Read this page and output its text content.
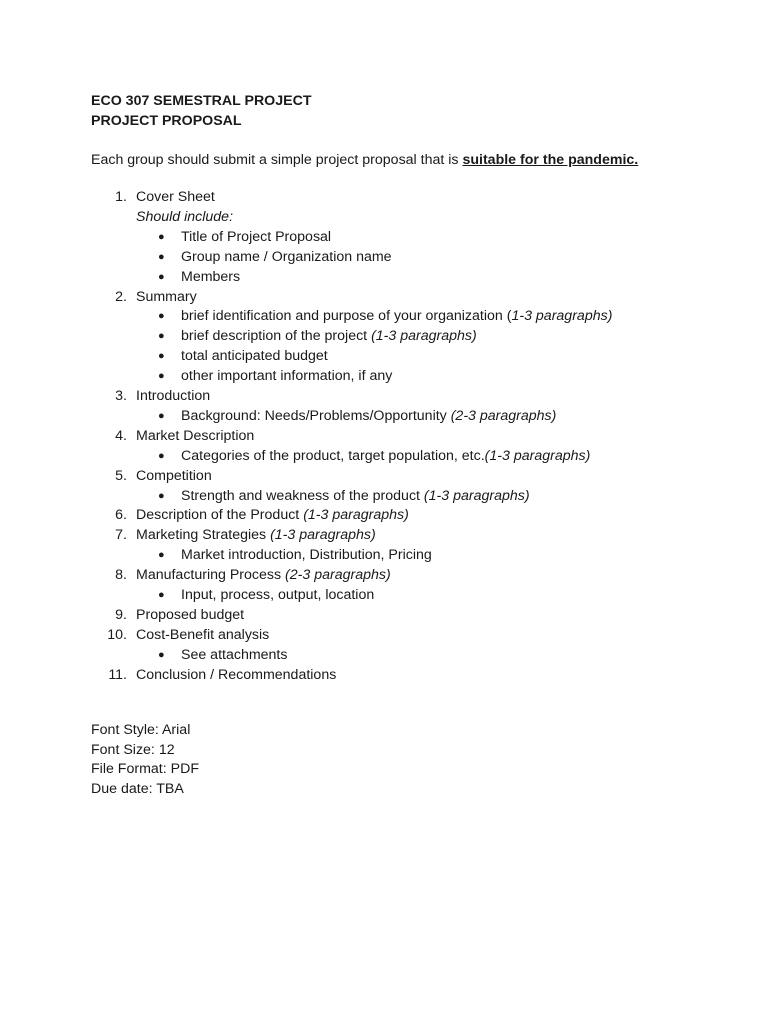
ECO 307 SEMESTRAL PROJECT
PROJECT PROPOSAL
Each group should submit a simple project proposal that is suitable for the pandemic.
1. Cover Sheet
Should include:
● Title of Project Proposal
● Group name / Organization name
● Members
2. Summary
● brief identification and purpose of your organization (1-3 paragraphs)
● brief description of the project (1-3 paragraphs)
● total anticipated budget
● other important information, if any
3. Introduction
● Background: Needs/Problems/Opportunity (2-3 paragraphs)
4. Market Description
● Categories of the product, target population, etc.(1-3 paragraphs)
5. Competition
● Strength and weakness of the product (1-3 paragraphs)
6. Description of the Product (1-3 paragraphs)
7. Marketing Strategies (1-3 paragraphs)
● Market introduction, Distribution, Pricing
8. Manufacturing Process (2-3 paragraphs)
● Input, process, output, location
9. Proposed budget
10. Cost-Benefit analysis
● See attachments
11. Conclusion / Recommendations
Font Style: Arial
Font Size: 12
File Format: PDF
Due date: TBA
